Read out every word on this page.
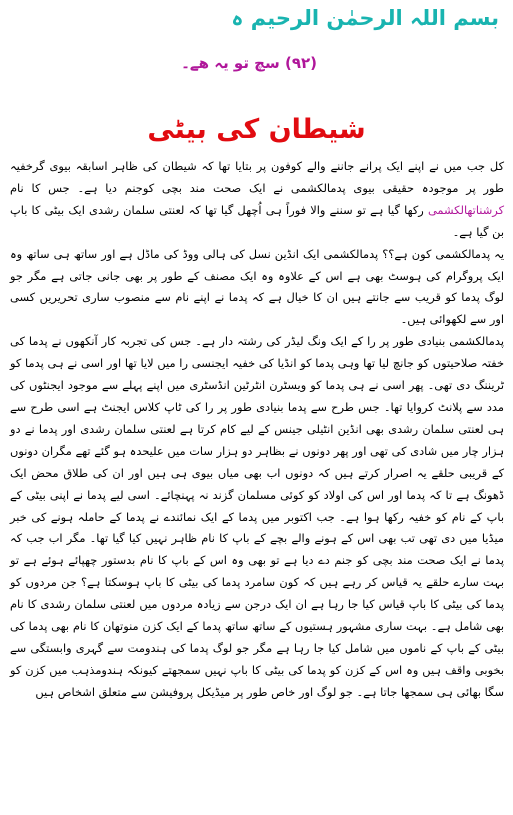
بسم اللہ الرحمٰن الرحیم ہ
(۹۲) سچ تو یہ ھے۔
شیطان کی بیٹی

کل جب میں نے اپنے ایک پرانے جاننے والے کوفون پر بتایا تھا کہ شیطان کی ظاہر اسابقہ بیوی گرخفیہ طور پر موجودہ حقیقی بیوی پدمالکشمی نے ایک صحت مند بچی کوجنم دیا ہے۔ جس کا نام کرشناتھالکشمی رکھا گیا ہے تو سننے والا فوراً ہی اُچھل گیا تھا کہ لعنتی سلمان رشدی ایک بیٹی کا باپ بن گیا ہے۔

یہ پدمالکشمی کون ہے؟؟ پدمالکشمی ایک انڈین نسل کی ہالی ووڈ کی ماڈل ہے اور ساتھ ہی ساتھ وہ ایک پروگرام کی ہوسٹ بھی ہے اس کے علاوہ وہ ایک مصنف کے طور پر بھی جانی جاتی ہے مگر جو لوگ پدما کو قریب سے جانتے ہیں ان کا خیال ہے کہ پدما نے اپنے نام سے منصوب ساری تحریریں کسی اور سے لکھوائی ہیں۔

پدمالکشمی بنیادی طور پر را کے ایک ونگ لیڈر کی رشتہ دار ہے۔ جس کی تجربہ کار آنکھوں نے پدما کی خفتہ صلاحیتوں کو جانچ لیا تھا وہی پدما کو انڈیا کی خفیہ ایجنسی را میں لایا تھا اور اسی نے ہی پدما کو ٹریننگ دی تھی۔ پھر اسی نے ہی پدما کو ویسٹرن انٹرٹین انڈسٹری میں اپنے پہلے سے موجود ایجنٹوں کی مدد سے پلانٹ کروایا تھا۔ جس طرح سے پدما بنیادی طور پر را کی ٹاپ کلاس ایجنٹ ہے اسی طرح سے ہی لعنتی سلمان رشدی بھی انڈین انٹیلی جینس کے لیے کام کرتا ہے لعنتی سلمان رشدی اور پدما نے دو ہزار چار میں شادی کی تھی اور پھر دونوں نے بظاہر دو ہزار سات میں علیحدہ ہو گئے تھے مگران دونوں کے قریبی حلقے یہ اصرار کرتے ہیں کہ دونوں اب بھی میاں بیوی ہی ہیں اور ان کی طلاق محض ایک ڈھونگ ہے تا کہ پدما اور اس کی اولاد کو کوئی مسلمان گزند نہ پہنچائے۔ اسی لیے پدما نے اپنی بیٹی کے باپ کے نام کو خفیہ رکھا ہوا ہے۔ جب اکتوبر میں پدما کے ایک نمائندے نے پدما کے حاملہ ہونے کی خبر میڈیا میں دی تھی تب بھی اس کے ہونے والے بچے کے باپ کا نام ظاہر نہیں کیا گیا تھا۔ مگر اب جب کہ پدما نے ایک صحت مند بچی کو جنم دے دیا ہے تو بھی وہ اس کے باپ کا نام بدستور چھپائے ہوئے ہے تو بہت سارے حلقے یہ قیاس کر رہے ہیں کہ کون سامرد پدما کی بیٹی کا باپ ہوسکتا ہے؟ جن مردوں کو پدما کی بیٹی کا باپ قیاس کیا جا رہا ہے ان ایک درجن سے زیادہ مردوں میں لعنتی سلمان رشدی کا نام بھی شامل ہے۔ بہت ساری مشہور ہستیوں کے ساتھ ساتھ پدما کے ایک کزن منوتھان کا نام بھی پدما کی بیٹی کے باپ کے ناموں میں شامل کیا جا رہا ہے مگر جو لوگ پدما کی ہندومت سے گہری وابستگی سے بخوبی واقف ہیں وہ اس کے کزن کو پدما کی بیٹی کا باپ نہیں سمجھتے کیونکہ ہندومذہب میں کزن کو سگا بھائی ہی سمجھا جاتا ہے۔ جو لوگ اور خاص طور پر میڈیکل پروفیشن سے متعلق اشخاص ہیں
